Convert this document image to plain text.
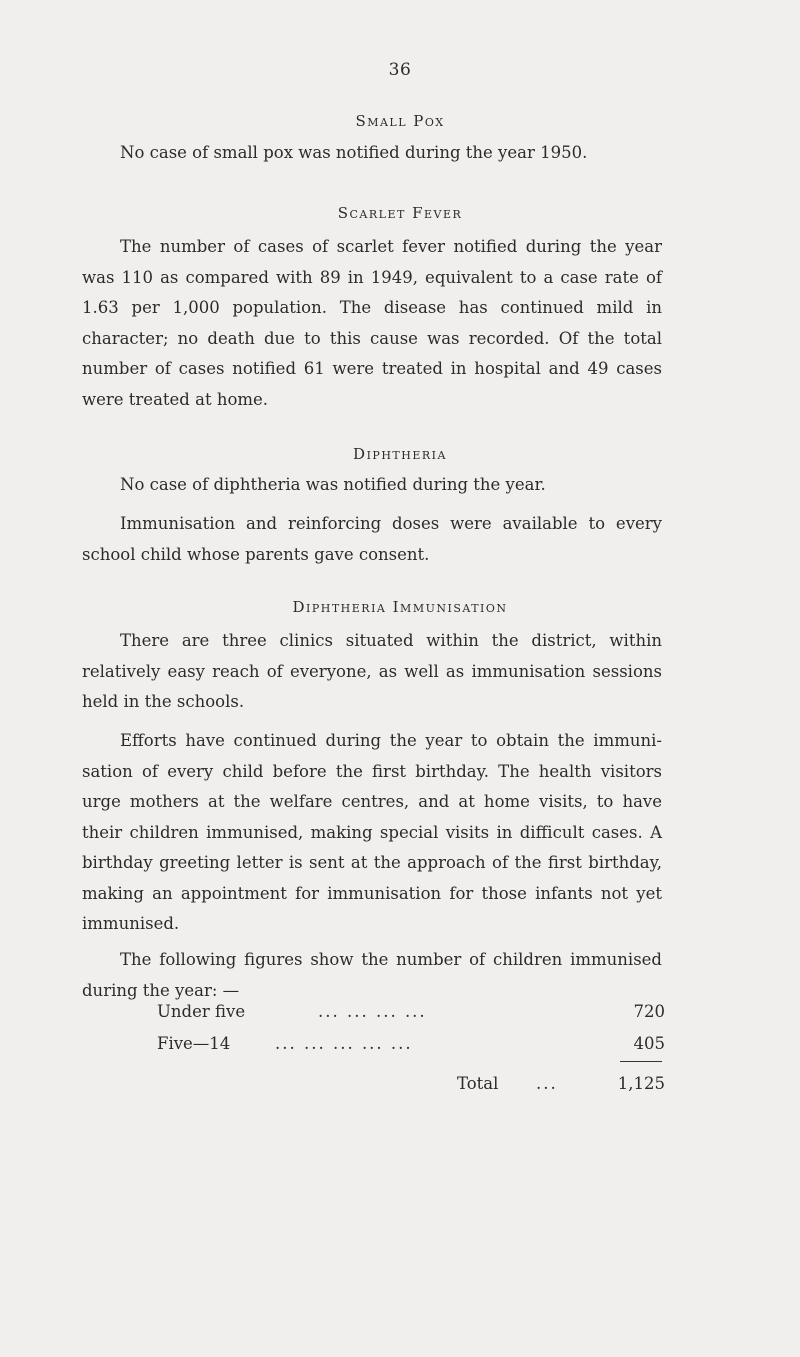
36
Small Pox

No case of small pox was notified during the year 1950.

Scarlet Fever

The number of cases of scarlet fever notified during the year was 110 as compared with 89 in 1949, equivalent to a case rate of 1.63 per 1,000 population. The disease has continued mild in character; no death due to this cause was recorded. Of the total number of cases notified 61 were treated in hospital and 49 cases were treated at home.

Diphtheria

No case of diphtheria was notified during the year.

Immunisation and reinforcing doses were available to every school child whose parents gave consent.

Diphtheria Immunisation

There are three clinics situated within the district, within relatively easy reach of everyone, as well as immunisation sessions held in the schools.

Efforts have continued during the year to obtain the immunisation of every child before the first birthday. The health visitors urge mothers at the welfare centres, and at home visits, to have their children immunised, making special visits in difficult cases. A birthday greeting letter is sent at the approach of the first birthday, making an appointment for immunisation for those infants not yet immunised.

The following figures show the number of children immunised during the year: —

Under five	... ... ... ...	720
Five—14	... ... ... ... ...	405
Total ...	1,125
